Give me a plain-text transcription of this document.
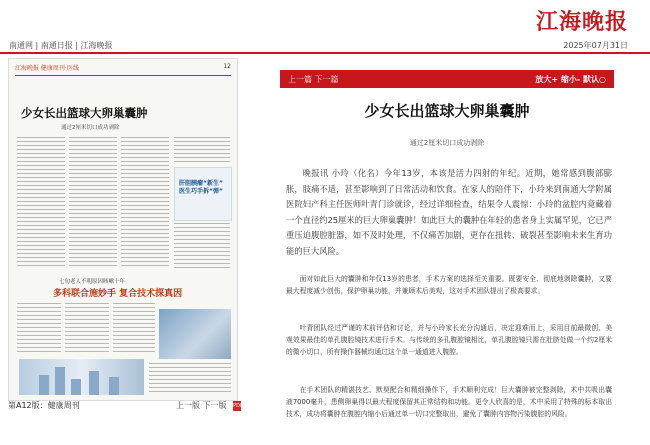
江海晚报
南通网 | 南通日报 | 江海晚报	2025年07月31日
江海晚报 健康周刊·医线	12
少女长出篮球大卵巢囊肿
通过2厘米切口成功剥除
肝胆胰瘤“新生”
医生巧手拆“弹”
七旬老人不明原因咳嗽十年
多科联合施妙手 复合技术探真因
第A12版：健康周刊	上一版 下一版 PDF
上一篇 下一篇	放大+ 缩小- 默认○
少女长出篮球大卵巢囊肿
通过2厘米切口成功剥除

晚报讯 小玲（化名）今年13岁，本该是活力四射的年纪。近期，她常感到腹部膨胀，肢痛不适，甚至影响到了日常活动和饮食。在家人的陪伴下，小玲来到南通大学附属医院妇产科主任医师叶青门诊就诊，经过详细检查，结果令人震惊：小玲的盆腔内竟藏着一个直径约25厘米的巨大卵巢囊肿！如此巨大的囊肿在年轻的患者身上实属罕见，它已严重压迫腹腔脏器，如不及时处理，不仅痛苦加剧，更存在扭转、破裂甚至影响未来生育功能的巨大风险。

面对如此巨大的囊肿和年仅13岁的患者，手术方案的选择至关重要。既要安全、彻底地剥除囊肿，又要最大程度减少创伤，保护卵巢功能，并兼顾术后美观，这对手术团队提出了极高要求。

叶青团队经过严谨的术前评估和讨论，并与小玲家长充分沟通后，决定迎难而上，采用目前最微创、美观效果最佳的单孔腹腔镜技术进行手术。与传统的多孔腹腔镜相比，单孔腹腔镜只需在肚脐处做一个约2厘米的微小切口，所有操作器械均通过这个单一通道进入腹腔。

在手术团队的精湛技艺、默契配合和精细操作下，手术顺利完成！巨大囊肿被完整剥除，术中共吸出囊液7000毫升，患侧卵巢得以最大程度保留其正常结构和功能。更令人欣喜的是，术中采用了特殊的标本取出技术，成功将囊肿在腹腔内缩小后通过单一切口完整取出，避免了囊肿内容物污染腹腔的风险。
